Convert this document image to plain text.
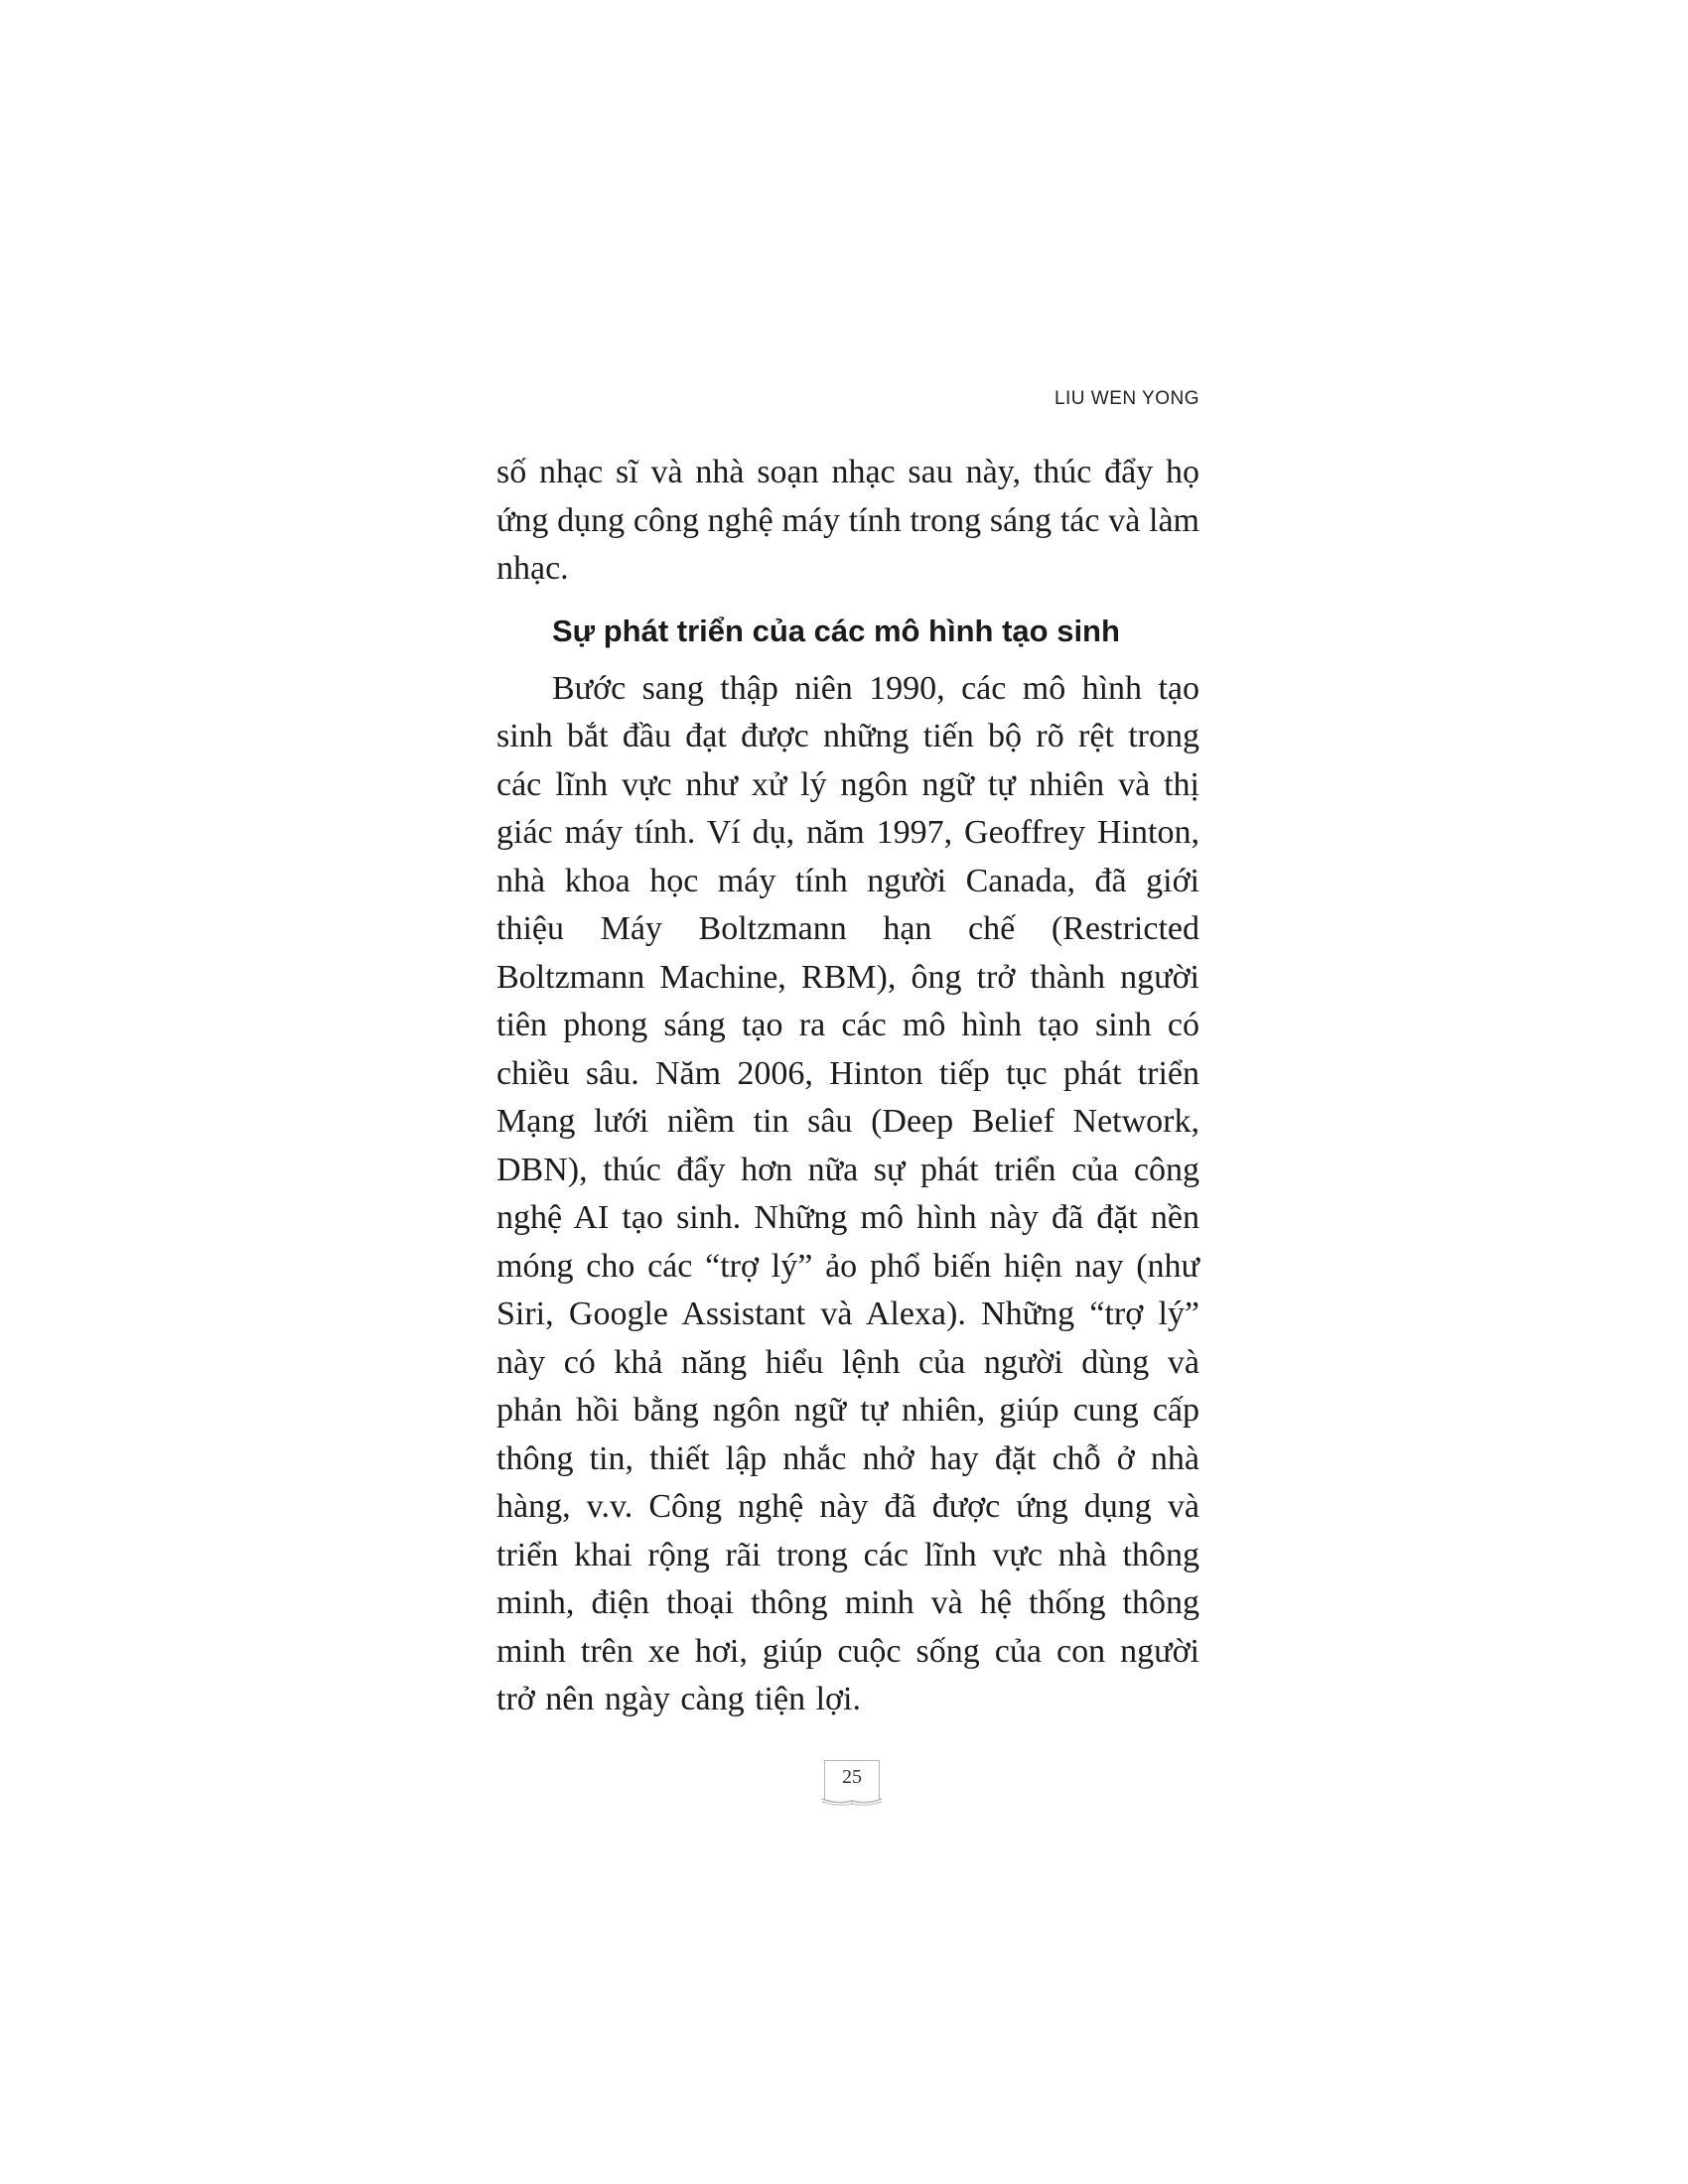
LIU WEN YONG

số nhạc sĩ và nhà soạn nhạc sau này, thúc đẩy họ ứng dụng công nghệ máy tính trong sáng tác và làm nhạc.

Sự phát triển của các mô hình tạo sinh

Bước sang thập niên 1990, các mô hình tạo sinh bắt đầu đạt được những tiến bộ rõ rệt trong các lĩnh vực như xử lý ngôn ngữ tự nhiên và thị giác máy tính. Ví dụ, năm 1997, Geoffrey Hinton, nhà khoa học máy tính người Canada, đã giới thiệu Máy Boltzmann hạn chế (Restricted Boltzmann Machine, RBM), ông trở thành người tiên phong sáng tạo ra các mô hình tạo sinh có chiều sâu. Năm 2006, Hinton tiếp tục phát triển Mạng lưới niềm tin sâu (Deep Belief Network, DBN), thúc đẩy hơn nữa sự phát triển của công nghệ AI tạo sinh. Những mô hình này đã đặt nền móng cho các “trợ lý” ảo phổ biến hiện nay (như Siri, Google Assistant và Alexa). Những “trợ lý” này có khả năng hiểu lệnh của người dùng và phản hồi bằng ngôn ngữ tự nhiên, giúp cung cấp thông tin, thiết lập nhắc nhở hay đặt chỗ ở nhà hàng, v.v. Công nghệ này đã được ứng dụng và triển khai rộng rãi trong các lĩnh vực nhà thông minh, điện thoại thông minh và hệ thống thông minh trên xe hơi, giúp cuộc sống của con người trở nên ngày càng tiện lợi.

25
